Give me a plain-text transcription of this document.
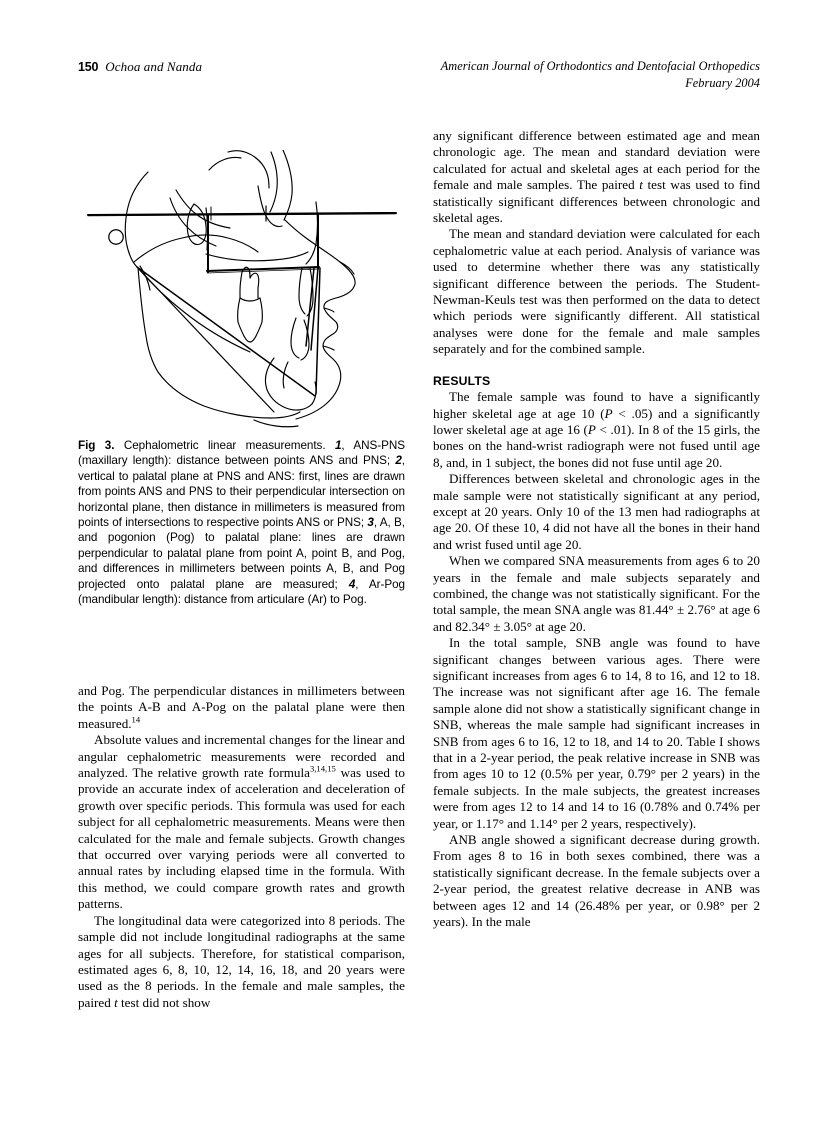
150 Ochoa and Nanda	American Journal of Orthodontics and Dentofacial Orthopedics
February 2004

Fig 3. Cephalometric linear measurements. 1, ANS-PNS (maxillary length): distance between points ANS and PNS; 2, vertical to palatal plane at PNS and ANS: first, lines are drawn from points ANS and PNS to their perpendicular intersection on horizontal plane, then distance in millimeters is measured from points of intersections to respective points ANS or PNS; 3, A, B, and pogonion (Pog) to palatal plane: lines are drawn perpendicular to palatal plane from point A, point B, and Pog, and differences in millimeters between points A, B, and Pog projected onto palatal plane are measured; 4, Ar-Pog (mandibular length): distance from articulare (Ar) to Pog.

and Pog. The perpendicular distances in millimeters between the points A-B and A-Pog on the palatal plane were then measured.$^{14}$

Absolute values and incremental changes for the linear and angular cephalometric measurements were recorded and analyzed. The relative growth rate formula$^{3,14,15}$ was used to provide an accurate index of acceleration and deceleration of growth over specific periods. This formula was used for each subject for all cephalometric measurements. Means were then calculated for the male and female subjects. Growth changes that occurred over varying periods were all converted to annual rates by including elapsed time in the formula. With this method, we could compare growth rates and growth patterns.

The longitudinal data were categorized into 8 periods. The sample did not include longitudinal radiographs at the same ages for all subjects. Therefore, for statistical comparison, estimated ages 6, 8, 10, 12, 14, 16, 18, and 20 years were used as the 8 periods. In the female and male samples, the paired t test did not show

any significant difference between estimated age and mean chronologic age. The mean and standard deviation were calculated for actual and skeletal ages at each period for the female and male samples. The paired t test was used to find statistically significant differences between chronologic and skeletal ages.

The mean and standard deviation were calculated for each cephalometric value at each period. Analysis of variance was used to determine whether there was any statistically significant difference between the periods. The Student-Newman-Keuls test was then performed on the data to detect which periods were significantly different. All statistical analyses were done for the female and male samples separately and for the combined sample.

RESULTS

The female sample was found to have a significantly higher skeletal age at age 10 (P < .05) and a significantly lower skeletal age at age 16 (P < .01). In 8 of the 15 girls, the bones on the hand-wrist radiograph were not fused until age 8, and, in 1 subject, the bones did not fuse until age 20.

Differences between skeletal and chronologic ages in the male sample were not statistically significant at any period, except at 20 years. Only 10 of the 13 men had radiographs at age 20. Of these 10, 4 did not have all the bones in their hand and wrist fused until age 20.

When we compared SNA measurements from ages 6 to 20 years in the female and male subjects separately and combined, the change was not statistically significant. For the total sample, the mean SNA angle was 81.44° ± 2.76° at age 6 and 82.34° ± 3.05° at age 20.

In the total sample, SNB angle was found to have significant changes between various ages. There were significant increases from ages 6 to 14, 8 to 16, and 12 to 18. The increase was not significant after age 16. The female sample alone did not show a statistically significant change in SNB, whereas the male sample had significant increases in SNB from ages 6 to 16, 12 to 18, and 14 to 20. Table I shows that in a 2-year period, the peak relative increase in SNB was from ages 10 to 12 (0.5% per year, 0.79° per 2 years) in the female subjects. In the male subjects, the greatest increases were from ages 12 to 14 and 14 to 16 (0.78% and 0.74% per year, or 1.17° and 1.14° per 2 years, respectively).

ANB angle showed a significant decrease during growth. From ages 8 to 16 in both sexes combined, there was a statistically significant decrease. In the female subjects over a 2-year period, the greatest relative decrease in ANB was between ages 12 and 14 (26.48% per year, or 0.98° per 2 years). In the male
